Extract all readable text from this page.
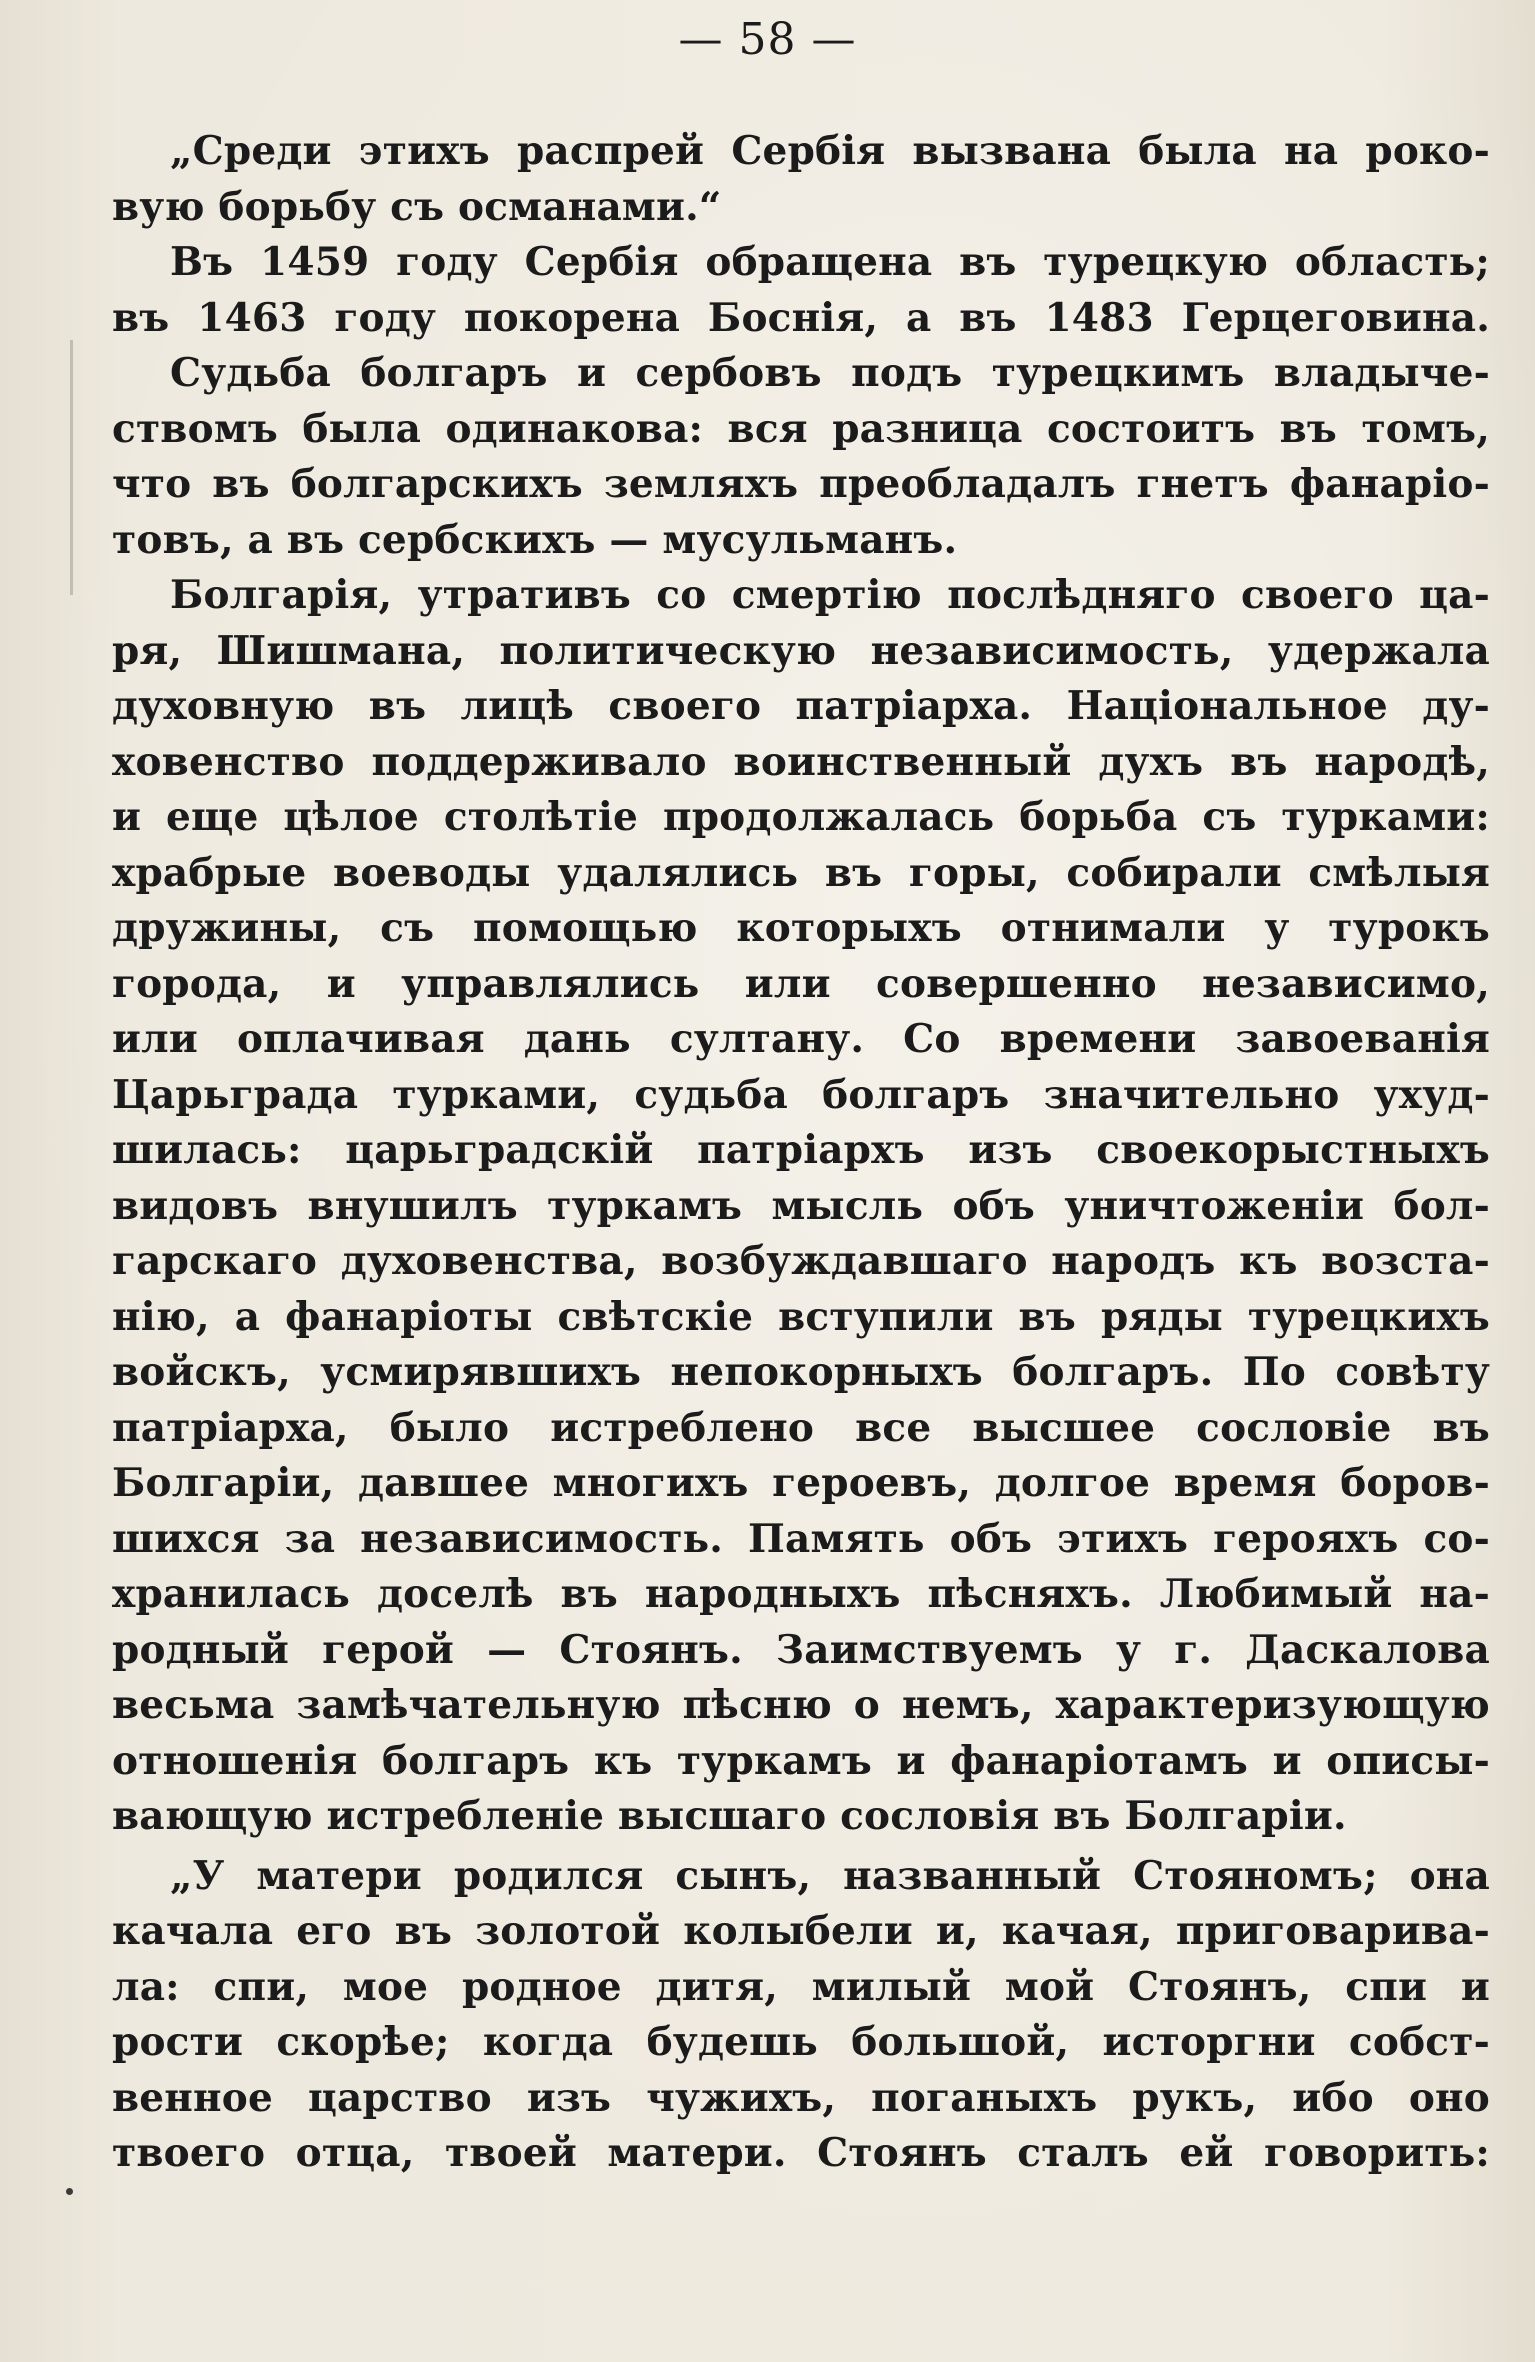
— 58 —
„Среди этихъ распрей Сербія вызвана была на роко-
вую борьбу съ османами.“
Въ 1459 году Сербія обращена въ турецкую область;
въ 1463 году покорена Боснія, а въ 1483 Герцеговина.
Судьба болгаръ и сербовъ подъ турецкимъ владыче-
ствомъ была одинакова: вся разница состоитъ въ томъ,
что въ болгарскихъ земляхъ преобладалъ гнетъ фанаріо-
товъ, а въ сербскихъ — мусульманъ.
Болгарія, утративъ со смертію послѣдняго своего ца-
ря, Шишмана, политическую независимость, удержала
духовную въ лицѣ своего патріарха. Національное ду-
ховенство поддерживало воинственный духъ въ народѣ,
и еще цѣлое столѣтіе продолжалась борьба съ турками:
храбрые воеводы удалялись въ горы, собирали смѣлыя
дружины, съ помощью которыхъ отнимали у турокъ
города, и управлялись или совершенно независимо,
или оплачивая дань султану. Со времени завоеванія
Царьграда турками, судьба болгаръ значительно ухуд-
шилась: царьградскій патріархъ изъ своекорыстныхъ
видовъ внушилъ туркамъ мысль объ уничтоженіи бол-
гарскаго духовенства, возбуждавшаго народъ къ возста-
нію, а фанаріоты свѣтскіе вступили въ ряды турецкихъ
войскъ, усмирявшихъ непокорныхъ болгаръ. По совѣту
патріарха, было истреблено все высшее сословіе въ
Болгаріи, давшее многихъ героевъ, долгое время боров-
шихся за независимость. Память объ этихъ герояхъ со-
хранилась доселѣ въ народныхъ пѣсняхъ. Любимый на-
родный герой — Стоянъ. Заимствуемъ у г. Даскалова
весьма замѣчательную пѣсню о немъ, характеризующую
отношенія болгаръ къ туркамъ и фанаріотамъ и описы-
вающую истребленіе высшаго сословія въ Болгаріи.
„У матери родился сынъ, названный Стояномъ; она
качала его въ золотой колыбели и, качая, приговарива-
ла: спи, мое родное дитя, милый мой Стоянъ, спи и
рости скорѣе; когда будешь большой, исторгни собст-
венное царство изъ чужихъ, поганыхъ рукъ, ибо оно
твоего отца, твоей матери. Стоянъ сталъ ей говорить:
